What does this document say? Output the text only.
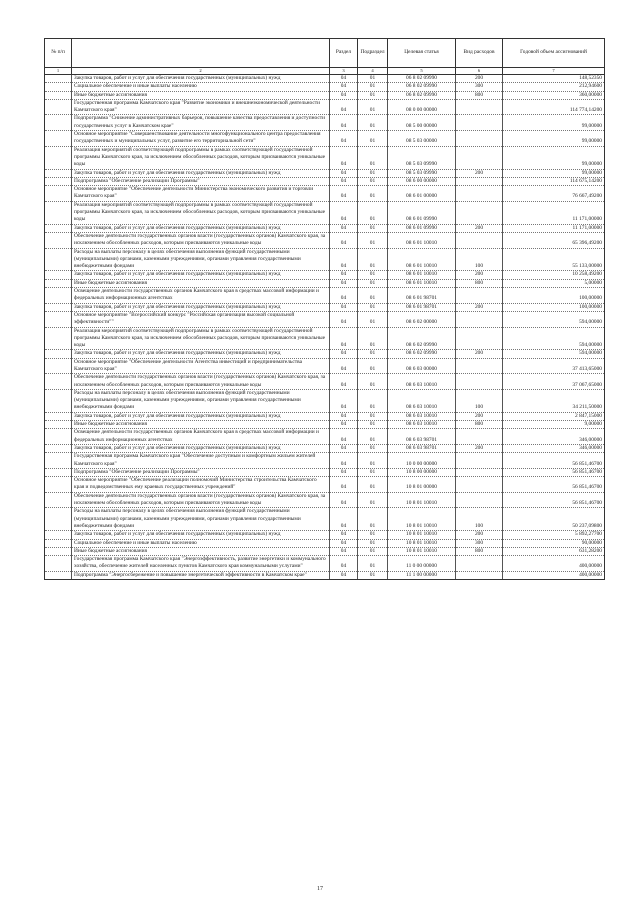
№ п/п		Раздел	Подраздел	Целевая статья	Вид расходов	Годовой объем ассигнований
1	2	3	4	5	6	7
	Закупка товаров, работ и услуг для обеспечения государственных (муниципальных) нужд	04	01	06 8 02 09990	200	148,52350
	Социальное обеспечение и иные выплаты населению	04	01	06 8 02 09990	300	212,94600
	Иные бюджетные ассигнования	04	01	06 8 02 09990	800	360,00000
	Государственная программа Камчатского края "Развитие экономики и внешнеэкономической деятельности Камчатского края"	04	01	08 0 00 00000		114 774,14200
	Подпрограмма "Снижение административных барьеров, повышение качества предоставления и доступности государственных услуг в Камчатском крае"	04	01	08 5 00 00000		99,00000
	Основное мероприятие "Совершенствование деятельности многофункционального центра предоставления государственных и муниципальных услуг, развитие его территориальной сети"	04	01	08 5 03 00000		99,00000
	Реализация мероприятий соответствующей подпрограммы в рамках соответствующей государственной программы Камчатского края, за исключением обособленных расходов, которым присваиваются уникальные коды	04	01	08 5 03 09990		99,00000
	Закупка товаров, работ и услуг для обеспечения государственных (муниципальных) нужд	04	01	08 5 03 09990	200	99,00000
	Подпрограмма "Обеспечение реализации Программы"	04	01	08 6 00 00000		114 675,14200
	Основное мероприятие "Обеспечение деятельности Министерства экономического развития и торговли Камчатского края"	04	01	08 6 01 00000		76 667,49200
	Реализация мероприятий соответствующей подпрограммы в рамках соответствующей государственной программы Камчатского края, за исключением обособленных расходов, которым присваиваются уникальные коды	04	01	08 6 01 09990		11 171,00000
	Закупка товаров, работ и услуг для обеспечения государственных (муниципальных) нужд	04	01	08 6 01 09990	200	11 171,00000
	Обеспечение деятельности государственных органов власти (государственных органов) Камчатского края, за исключением обособленных расходов, которым присваиваются уникальные коды	04	01	08 6 01 10010		65 396,49200
	Расходы на выплаты персоналу в целях обеспечения выполнения функций государственными (муниципальными) органами, казенными учреждениями, органами управления государственными внебюджетными фондами	04	01	08 6 01 10010	100	55 133,00000
	Закупка товаров, работ и услуг для обеспечения государственных (муниципальных) нужд	04	01	08 6 01 10010	200	10 258,49200
	Иные бюджетные ассигнования	04	01	08 6 01 10010	800	5,00000
	Освещение деятельности государственных органов Камчатского края в средствах массовой информации и федеральных информационных агентствах	04	01	08 6 01 98701		100,00000
	Закупка товаров, работ и услуг для обеспечения государственных (муниципальных) нужд	04	01	08 6 01 98701	200	100,00000
	Основное мероприятие "Всероссийский конкурс "Российская организация высокой социальной эффективности""	04	01	08 6 02 00000		594,00000
	Реализация мероприятий соответствующей подпрограммы в рамках соответствующей государственной программы Камчатского края, за исключением обособленных расходов, которым присваиваются уникальные коды	04	01	08 6 02 09990		594,00000
	Закупка товаров, работ и услуг для обеспечения государственных (муниципальных) нужд	04	01	08 6 02 09990	200	594,00000
	Основное мероприятие "Обеспечение деятельности Агентства инвестиций и предпринимательства Камчатского края"	04	01	08 6 03 00000		37 413,65000
	Обеспечение деятельности государственных органов власти (государственных органов) Камчатского края, за исключением обособленных расходов, которым присваиваются уникальные коды	04	01	08 6 03 10010		37 067,65000
	Расходы на выплаты персоналу в целях обеспечения выполнения функций государственными (муниципальными) органами, казенными учреждениями, органами управления государственными внебюджетными фондами	04	01	08 6 03 10010	100	34 211,50000
	Закупка товаров, работ и услуг для обеспечения государственных (муниципальных) нужд	04	01	08 6 03 10010	200	2 847,15000
	Иные бюджетные ассигнования	04	01	08 6 03 10010	800	9,00000
	Освещение деятельности государственных органов Камчатского края в средствах массовой информации и федеральных информационных агентствах	04	01	08 6 03 98701		346,00000
	Закупка товаров, работ и услуг для обеспечения государственных (муниципальных) нужд	04	01	08 6 03 98701	200	346,00000
	Государственная программа Камчатского края "Обеспечение доступным и комфортным жильем жителей Камчатского края"	04	01	10 0 00 00000		56 851,46700
	Подпрограмма "Обеспечение реализации Программы"	04	01	10 8 00 00000		56 851,46700
	Основное мероприятие "Обеспечение реализации полномочий Министерства строительства Камчатского края и подведомственных ему краевых государственных учреждений"	04	01	10 8 01 00000		56 851,46700
	Обеспечение деятельности государственных органов власти (государственных органов) Камчатского края, за исключением обособленных расходов, которым присваиваются уникальные коды	04	01	10 8 01 10010		56 851,46700
	Расходы на выплаты персоналу в целях обеспечения выполнения функций государственными (муниципальными) органами, казенными учреждениями, органами управления государственными внебюджетными фондами	04	01	10 8 01 10010	100	50 237,09800
	Закупка товаров, работ и услуг для обеспечения государственных (муниципальных) нужд	04	01	10 8 01 10010	200	5 892,27700
	Социальное обеспечение и иные выплаты населению	04	01	10 8 01 10010	300	90,00000
	Иные бюджетные ассигнования	04	01	10 8 01 10010	800	631,28200
	Государственная программа Камчатского края "Энергоэффективность, развитие энергетики и коммунального хозяйства, обеспечение жителей населенных пунктов Камчатского края коммунальными услугами"	04	01	11 0 00 00000		400,00000
	Подпрограмма "Энергосбережение и повышение энергетической эффективности в Камчатском крае"	04	01	11 1 00 00000		400,00000
17
